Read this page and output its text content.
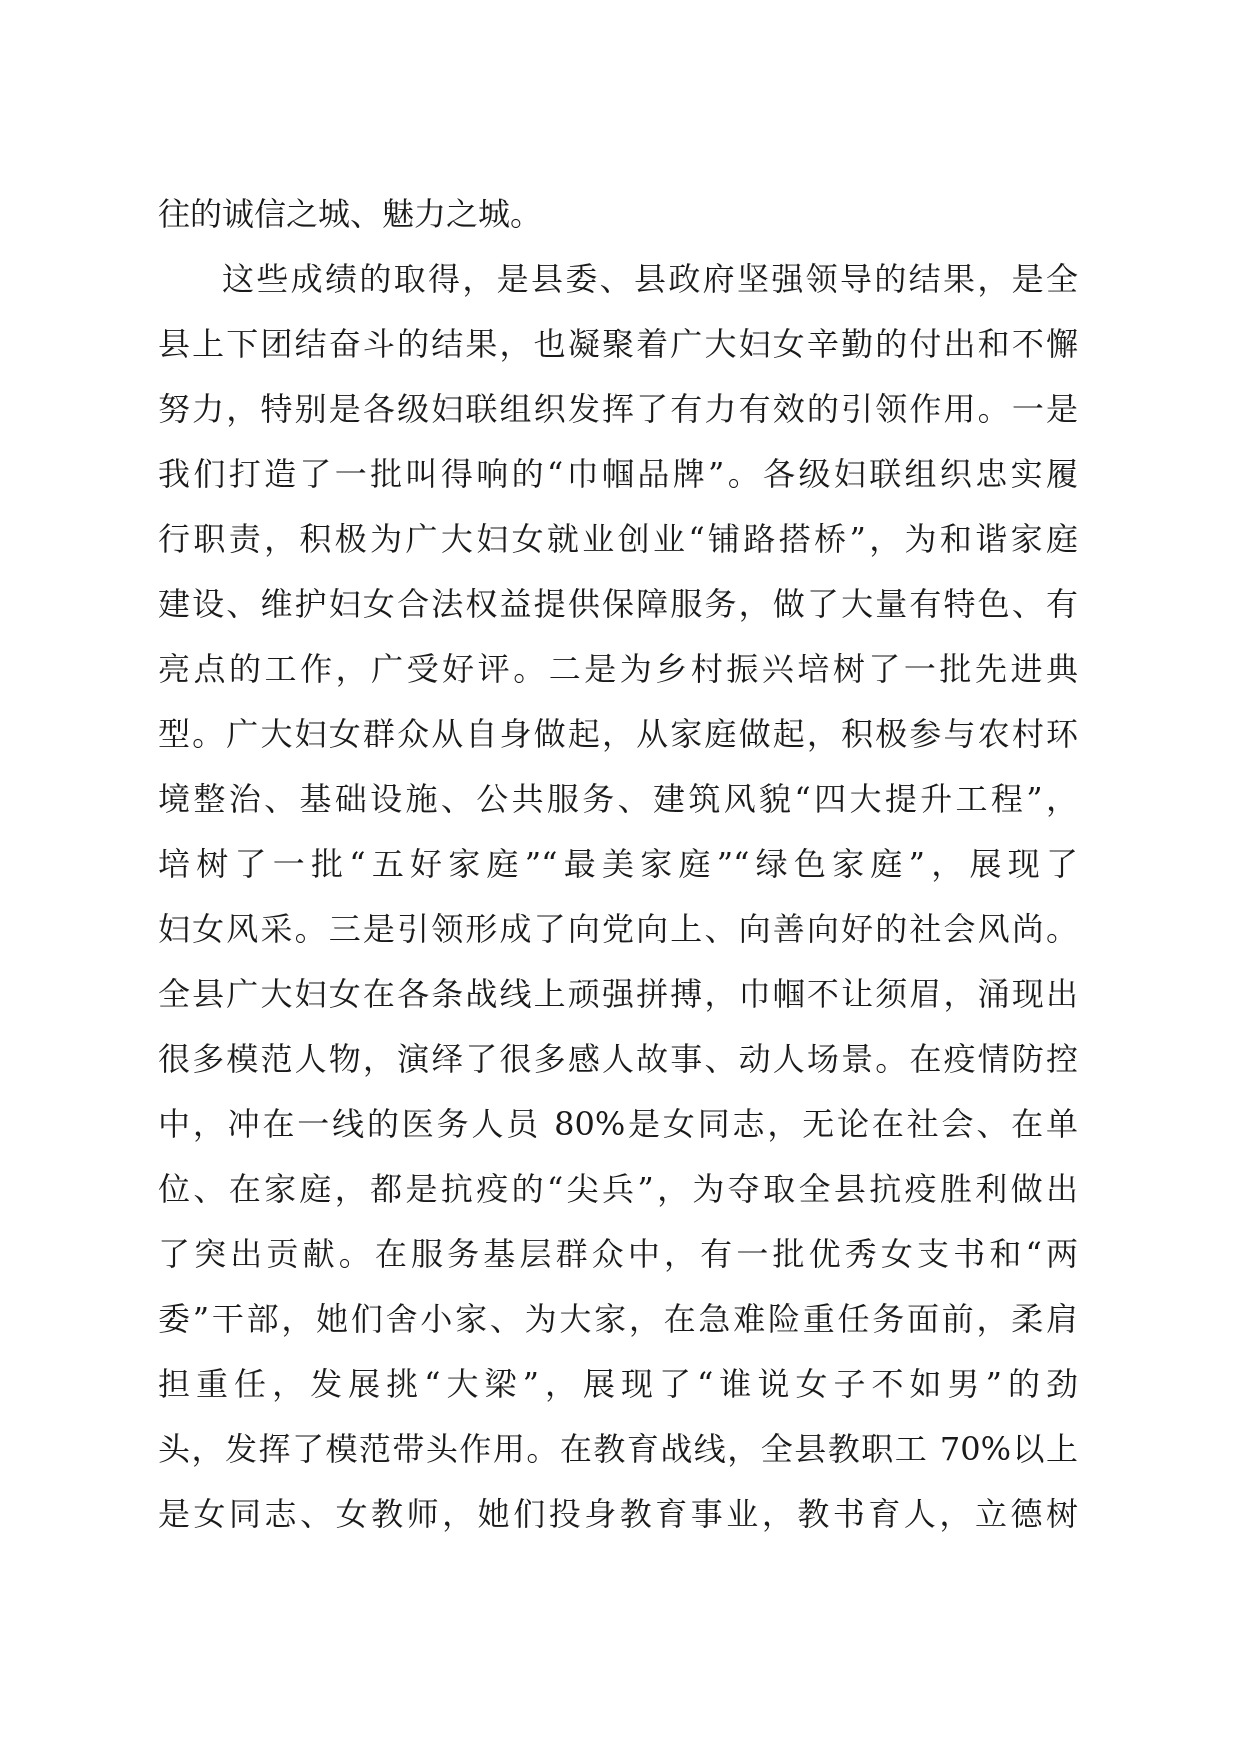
往的诚信之城、魅力之城。
这些成绩的取得，是县委、县政府坚强领导的结果，是全
县上下团结奋斗的结果，也凝聚着广大妇女辛勤的付出和不懈
努力，特别是各级妇联组织发挥了有力有效的引领作用。一是
我们打造了一批叫得响的“巾帼品牌”。各级妇联组织忠实履
行职责，积极为广大妇女就业创业“铺路搭桥”，为和谐家庭
建设、维护妇女合法权益提供保障服务，做了大量有特色、有
亮点的工作，广受好评。二是为乡村振兴培树了一批先进典
型。广大妇女群众从自身做起，从家庭做起，积极参与农村环
境整治、基础设施、公共服务、建筑风貌“四大提升工程”，
培树了一批“五好家庭”“最美家庭”“绿色家庭”，展现了
妇女风采。三是引领形成了向党向上、向善向好的社会风尚。
全县广大妇女在各条战线上顽强拼搏，巾帼不让须眉，涌现出
很多模范人物，演绎了很多感人故事、动人场景。在疫情防控
中，冲在一线的医务人员 80%是女同志，无论在社会、在单
位、在家庭，都是抗疫的“尖兵”，为夺取全县抗疫胜利做出
了突出贡献。在服务基层群众中，有一批优秀女支书和“两
委”干部，她们舍小家、为大家，在急难险重任务面前，柔肩
担重任，发展挑“大梁”，展现了“谁说女子不如男”的劲
头，发挥了模范带头作用。在教育战线，全县教职工 70%以上
是女同志、女教师，她们投身教育事业，教书育人，立德树
